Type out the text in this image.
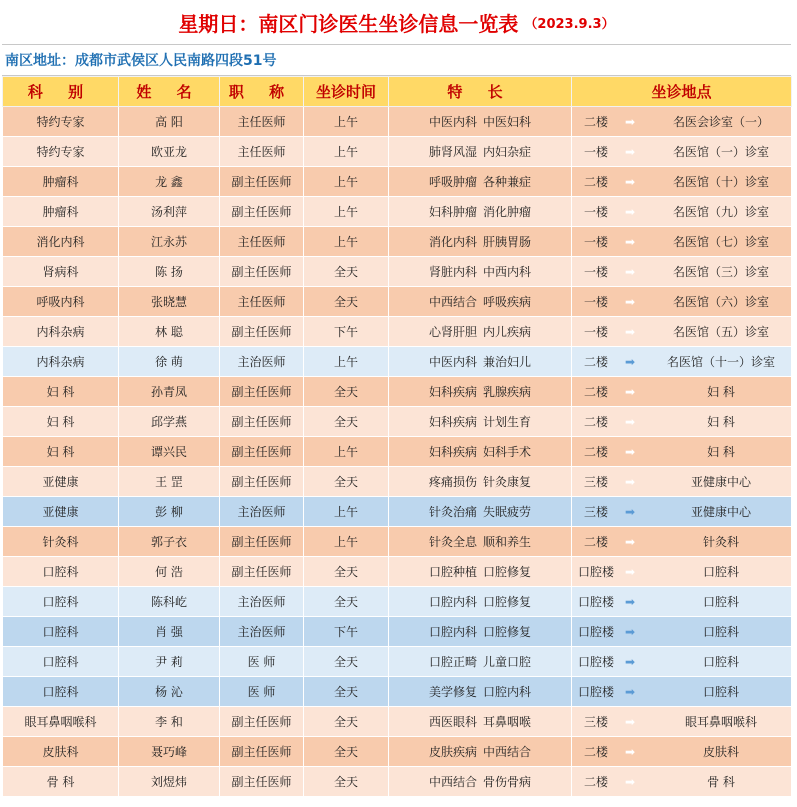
星期日：南区门诊医生坐诊信息一览表 （2023.9.3）
南区地址：成都市武侯区人民南路四段51号
科 别	姓 名	职 称	坐诊时间	特 长	坐诊地点
特约专家	高 阳	主任医师	上午	中医内科 中医妇科	二楼 ➡ 名医会诊室（一）
特约专家	欧亚龙	主任医师	上午	肺肾风湿 内妇杂症	一楼 ➡ 名医馆（一）诊室
肿瘤科	龙 鑫	副主任医师	上午	呼吸肿瘤 各种兼症	二楼 ➡ 名医馆（十）诊室
肿瘤科	汤利萍	副主任医师	上午	妇科肿瘤 消化肿瘤	一楼 ➡ 名医馆（九）诊室
消化内科	江永苏	主任医师	上午	消化内科 肝胰胃肠	一楼 ➡ 名医馆（七）诊室
肾病科	陈 扬	副主任医师	全天	肾脏内科 中西内科	一楼 ➡ 名医馆（三）诊室
呼吸内科	张晓慧	主任医师	全天	中西结合 呼吸疾病	一楼 ➡ 名医馆（六）诊室
内科杂病	林 聪	副主任医师	下午	心肾肝胆 内儿疾病	一楼 ➡ 名医馆（五）诊室
内科杂病	徐 萌	主治医师	上午	中医内科 兼治妇儿	二楼 ➡ 名医馆（十一）诊室
妇 科	孙青凤	副主任医师	全天	妇科疾病 乳腺疾病	二楼 ➡ 妇 科
妇 科	邱学燕	副主任医师	全天	妇科疾病 计划生育	二楼 ➡ 妇 科
妇 科	谭兴民	副主任医师	上午	妇科疾病 妇科手术	二楼 ➡ 妇 科
亚健康	王 罡	副主任医师	全天	疼痛损伤 针灸康复	三楼 ➡ 亚健康中心
亚健康	彭 柳	主治医师	上午	针灸治痛 失眠疲劳	三楼 ➡ 亚健康中心
针灸科	郭子衣	副主任医师	上午	针灸全息 顺和养生	二楼 ➡ 针灸科
口腔科	何 浩	副主任医师	全天	口腔种植 口腔修复	口腔楼 ➡ 口腔科
口腔科	陈科屹	主治医师	全天	口腔内科 口腔修复	口腔楼 ➡ 口腔科
口腔科	肖 强	主治医师	下午	口腔内科 口腔修复	口腔楼 ➡ 口腔科
口腔科	尹 莉	医 师	全天	口腔正畸 儿童口腔	口腔楼 ➡ 口腔科
口腔科	杨 沁	医 师	全天	美学修复 口腔内科	口腔楼 ➡ 口腔科
眼耳鼻咽喉科	李 和	副主任医师	全天	西医眼科 耳鼻咽喉	三楼 ➡ 眼耳鼻咽喉科
皮肤科	聂巧峰	副主任医师	全天	皮肤疾病 中西结合	二楼 ➡ 皮肤科
骨 科	刘煜炜	副主任医师	全天	中西结合 骨伤骨病	二楼 ➡ 骨 科
